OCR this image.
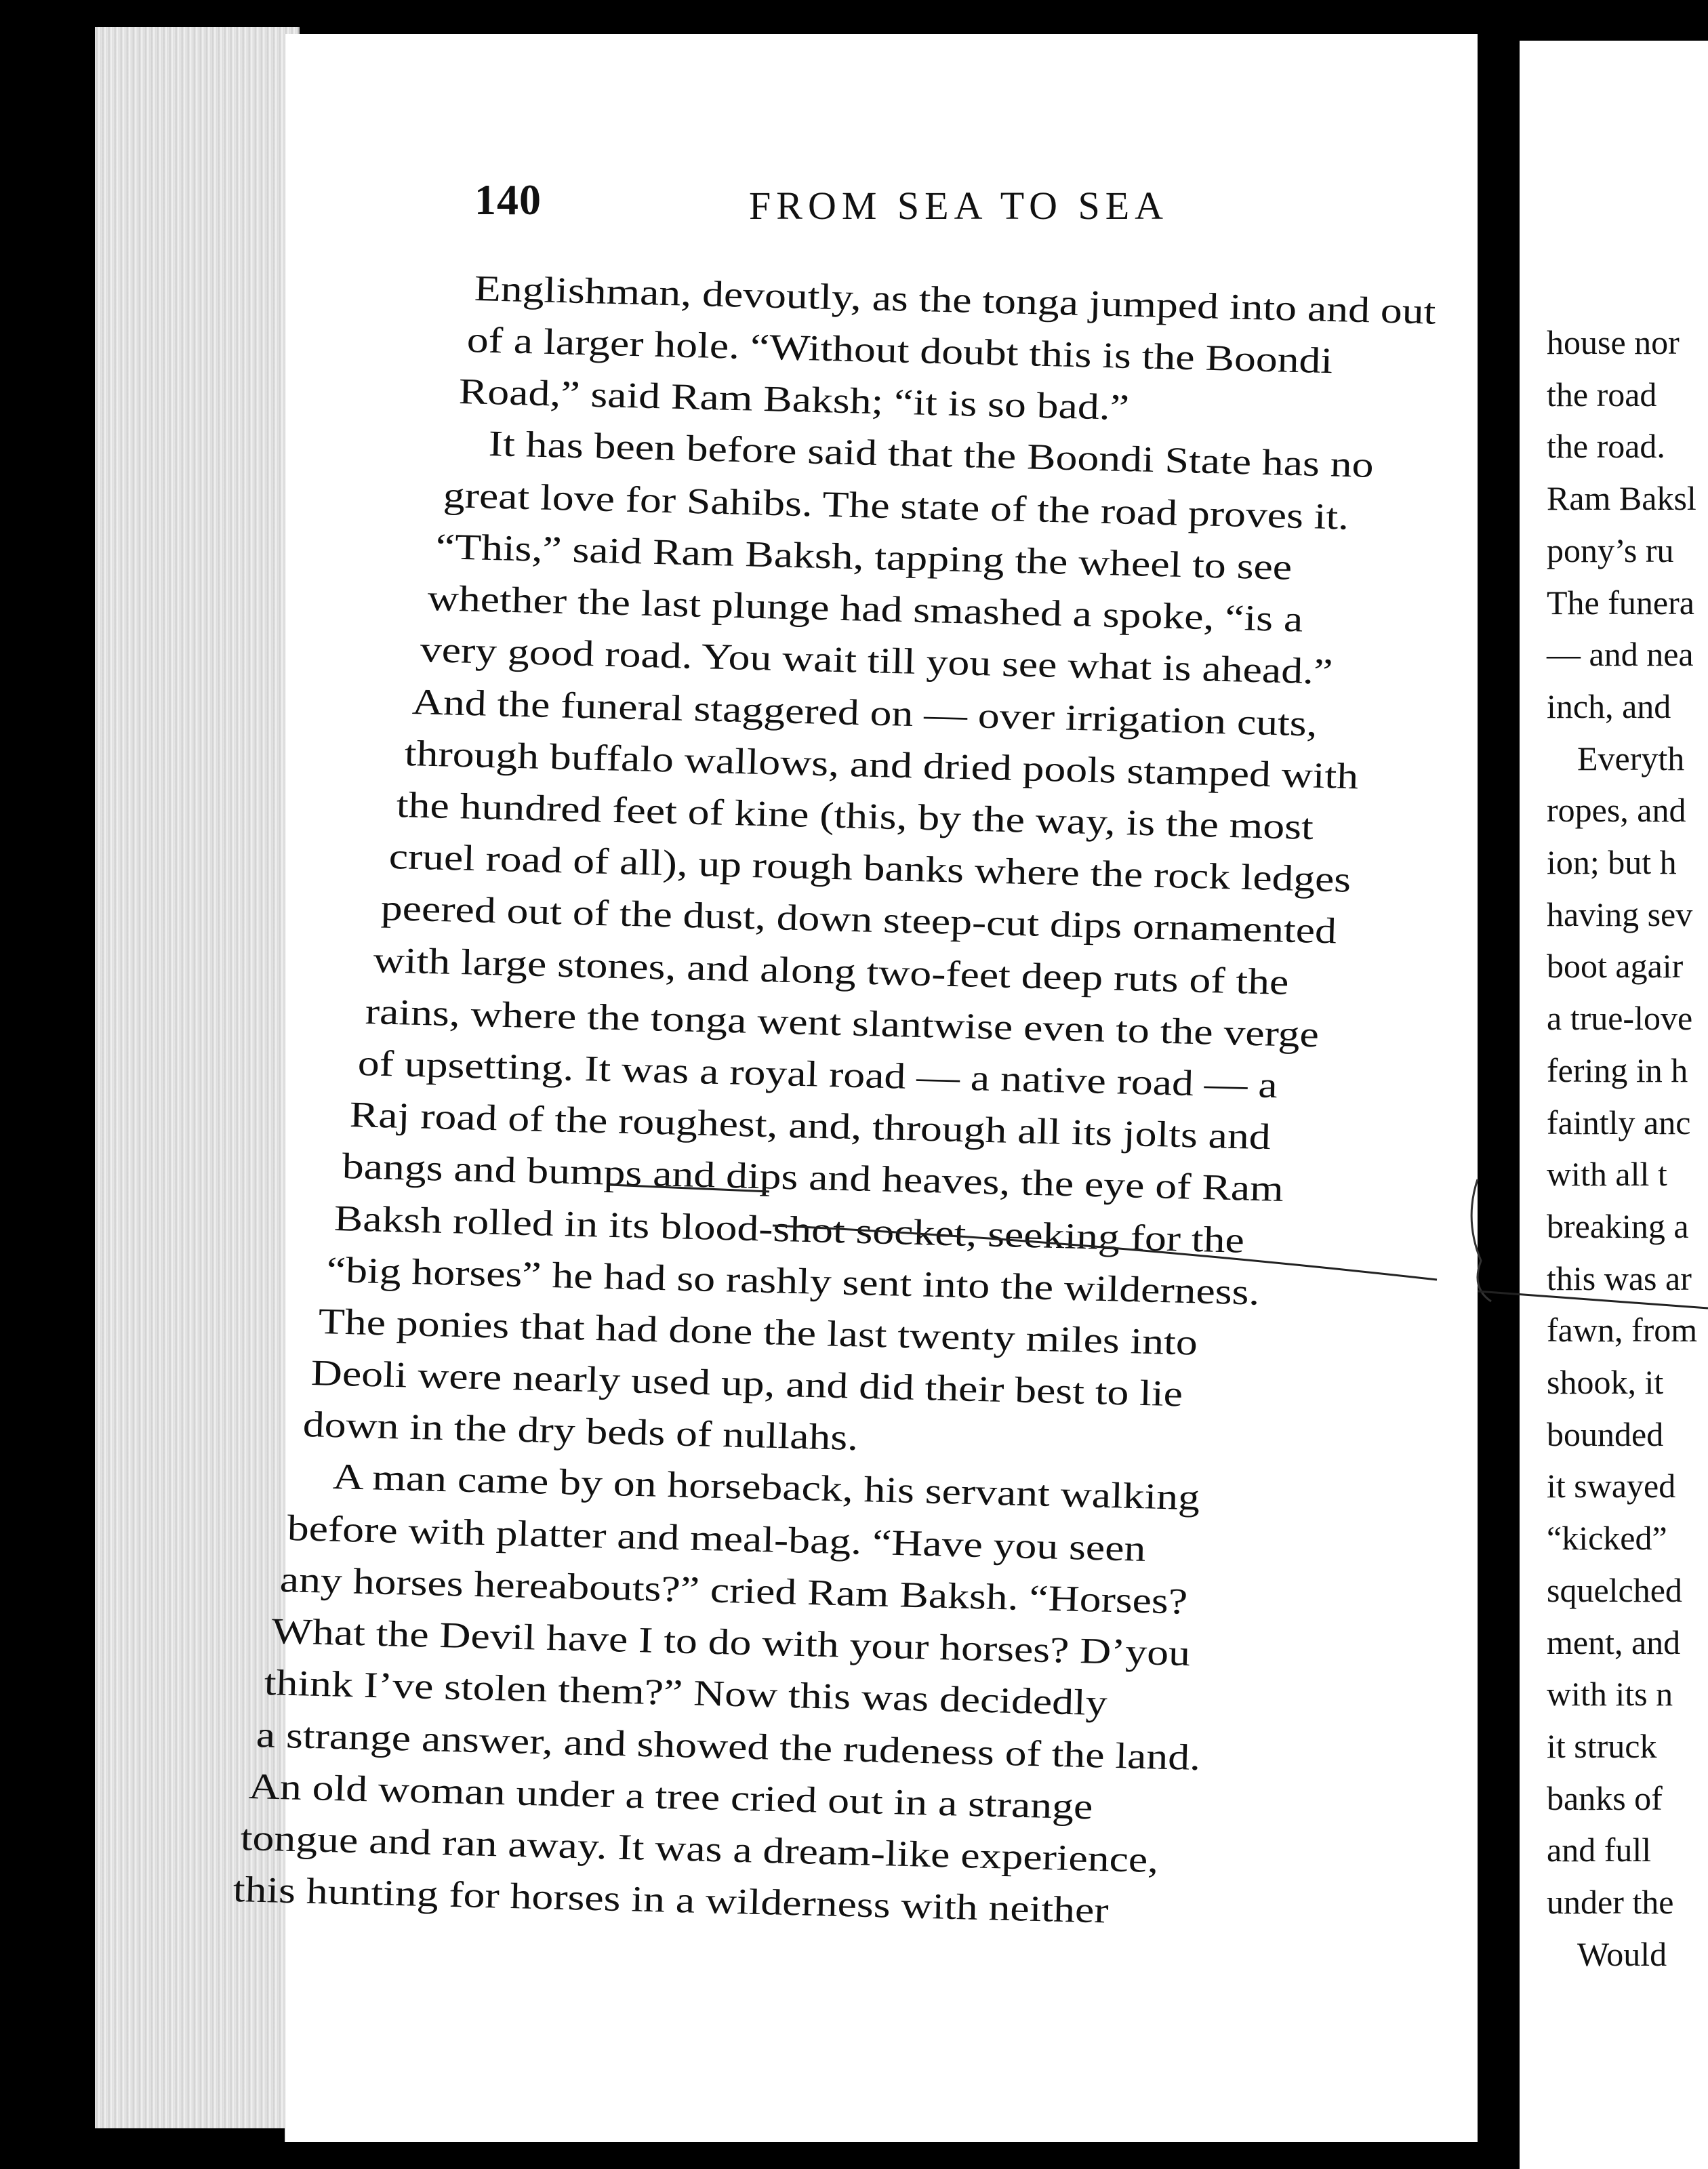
140	FROM SEA TO SEA
Englishman, devoutly, as the tonga jumped into and out
of a larger hole. “Without doubt this is the Boondi
Road,” said Ram Baksh; “it is so bad.”
It has been before said that the Boondi State has no
great love for Sahibs. The state of the road proves it.
“This,” said Ram Baksh, tapping the wheel to see
whether the last plunge had smashed a spoke, “is a
very good road. You wait till you see what is ahead.”
And the funeral staggered on — over irrigation cuts,
through buffalo wallows, and dried pools stamped with
the hundred feet of kine (this, by the way, is the most
cruel road of all), up rough banks where the rock ledges
peered out of the dust, down steep-cut dips ornamented
with large stones, and along two-feet deep ruts of the
rains, where the tonga went slantwise even to the verge
of upsetting. It was a royal road — a native road — a
Raj road of the roughest, and, through all its jolts and
bangs and bumps and dips and heaves, the eye of Ram
Baksh rolled in its blood-shot socket, seeking for the
“big horses” he had so rashly sent into the wilderness.
The ponies that had done the last twenty miles into
Deoli were nearly used up, and did their best to lie
down in the dry beds of nullahs.
A man came by on horseback, his servant walking
before with platter and meal-bag. “Have you seen
any horses hereabouts?” cried Ram Baksh. “Horses?
What the Devil have I to do with your horses? D’you
think I’ve stolen them?” Now this was decidedly
a strange answer, and showed the rudeness of the land.
An old woman under a tree cried out in a strange
tongue and ran away. It was a dream-like experience,
this hunting for horses in a wilderness with neither
house nor
the road
the road.
Ram Baksl
pony’s ru
The funera
— and nea
inch, and
Everyth
ropes, and
ion; but h
having sev
boot agair
a true-love
fering in h
faintly anc
with all t
breaking a
this was ar
fawn, from
shook, it
bounded
it swayed
“kicked”
squelched
ment, and
with its n
it struck
banks of
and full
under the
Would
